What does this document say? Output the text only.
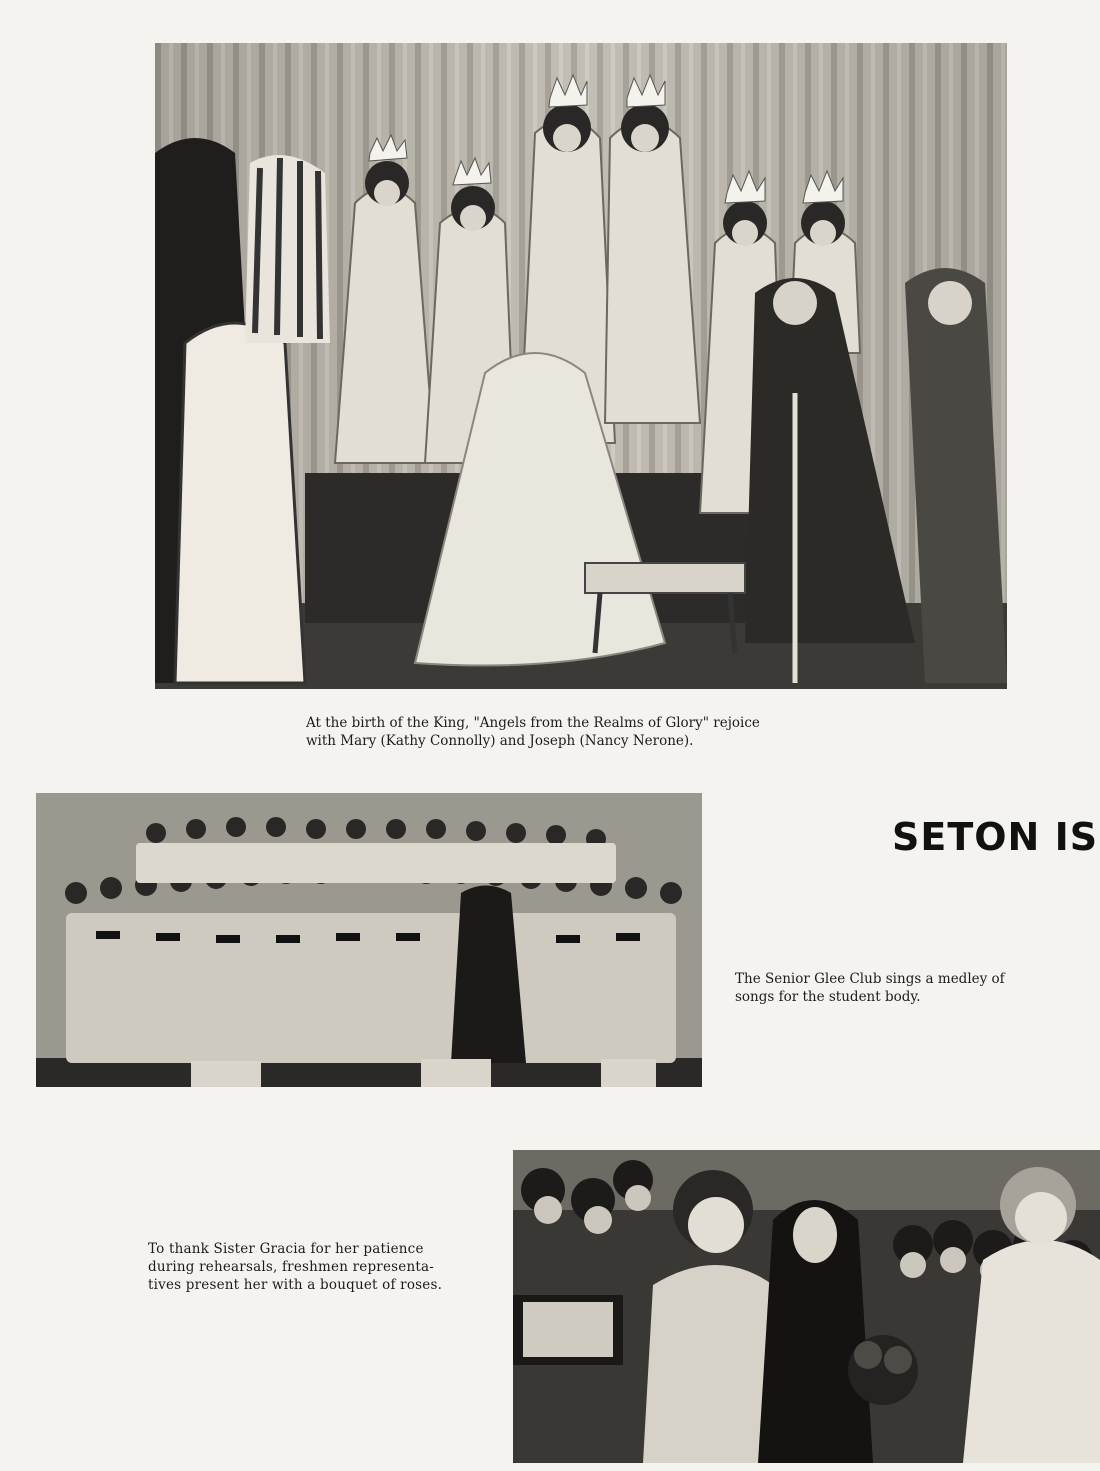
At the birth of the King, "Angels from the Realms of Glory" rejoice
with Mary (Kathy Connolly) and Joseph (Nancy Nerone).

SETON IS

The Senior Glee Club sings a medley of
songs for the student body.

To thank Sister Gracia for her patience
during rehearsals, freshmen representa-
tives present her with a bouquet of roses.
